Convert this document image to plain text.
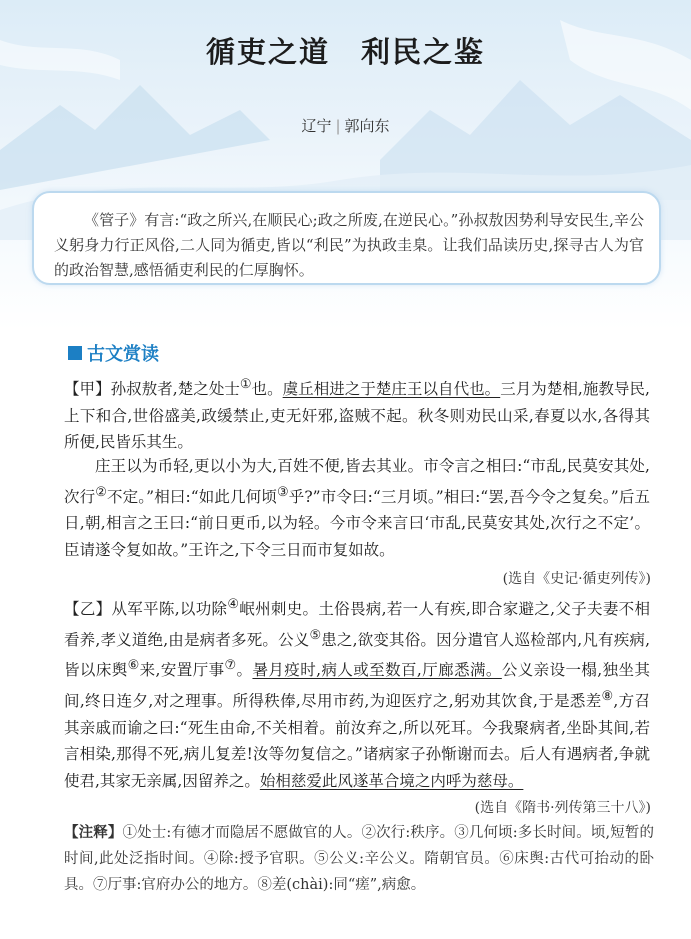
循吏之道　利民之鉴
辽宁 | 郭向东
《管子》有言:“政之所兴,在顺民心;政之所废,在逆民心。”孙叔敖因势利导安民生,辛公义躬身力行正风俗,二人同为循吏,皆以“利民”为执政圭臬。让我们品读历史,探寻古人为官的政治智慧,感悟循吏利民的仁厚胸怀。
古文赏读
【甲】孙叔敖者,楚之处士①也。虞丘相进之于楚庄王以自代也。三月为楚相,施教导民,上下和合,世俗盛美,政缓禁止,吏无奸邪,盗贼不起。秋冬则劝民山采,春夏以水,各得其所便,民皆乐其生。
庄王以为币轻,更以小为大,百姓不便,皆去其业。市令言之相曰:“市乱,民莫安其处,次行②不定。”相曰:“如此几何顷③乎?”市令曰:“三月顷。”相曰:“罢,吾今令之复矣。”后五日,朝,相言之王曰:“前日更币,以为轻。今市令来言曰‘市乱,民莫安其处,次行之不定’。臣请遂令复如故。”王许之,下令三日而市复如故。
(选自《史记·循吏列传》)
【乙】从军平陈,以功除④岷州刺史。土俗畏病,若一人有疾,即合家避之,父子夫妻不相看养,孝义道绝,由是病者多死。公义⑤患之,欲变其俗。因分遣官人巡检部内,凡有疾病,皆以床舆⑥来,安置厅事⑦。暑月疫时,病人或至数百,厅廊悉满。公义亲设一榻,独坐其间,终日连夕,对之理事。所得秩俸,尽用市药,为迎医疗之,躬劝其饮食,于是悉差⑧,方召其亲戚而谕之曰:“死生由命,不关相着。前汝弃之,所以死耳。今我聚病者,坐卧其间,若言相染,那得不死,病儿复差!汝等勿复信之。”诸病家子孙惭谢而去。后人有遇病者,争就使君,其家无亲属,因留养之。始相慈爱此风遂革合境之内呼为慈母。
(选自《隋书·列传第三十八》)
【注释】①处士:有德才而隐居不愿做官的人。②次行:秩序。③几何顷:多长时间。顷,短暂的时间,此处泛指时间。④除:授予官职。⑤公义:辛公义。隋朝官员。⑥床舆:古代可抬动的卧具。⑦厅事:官府办公的地方。⑧差(chài):同“瘥”,病愈。
